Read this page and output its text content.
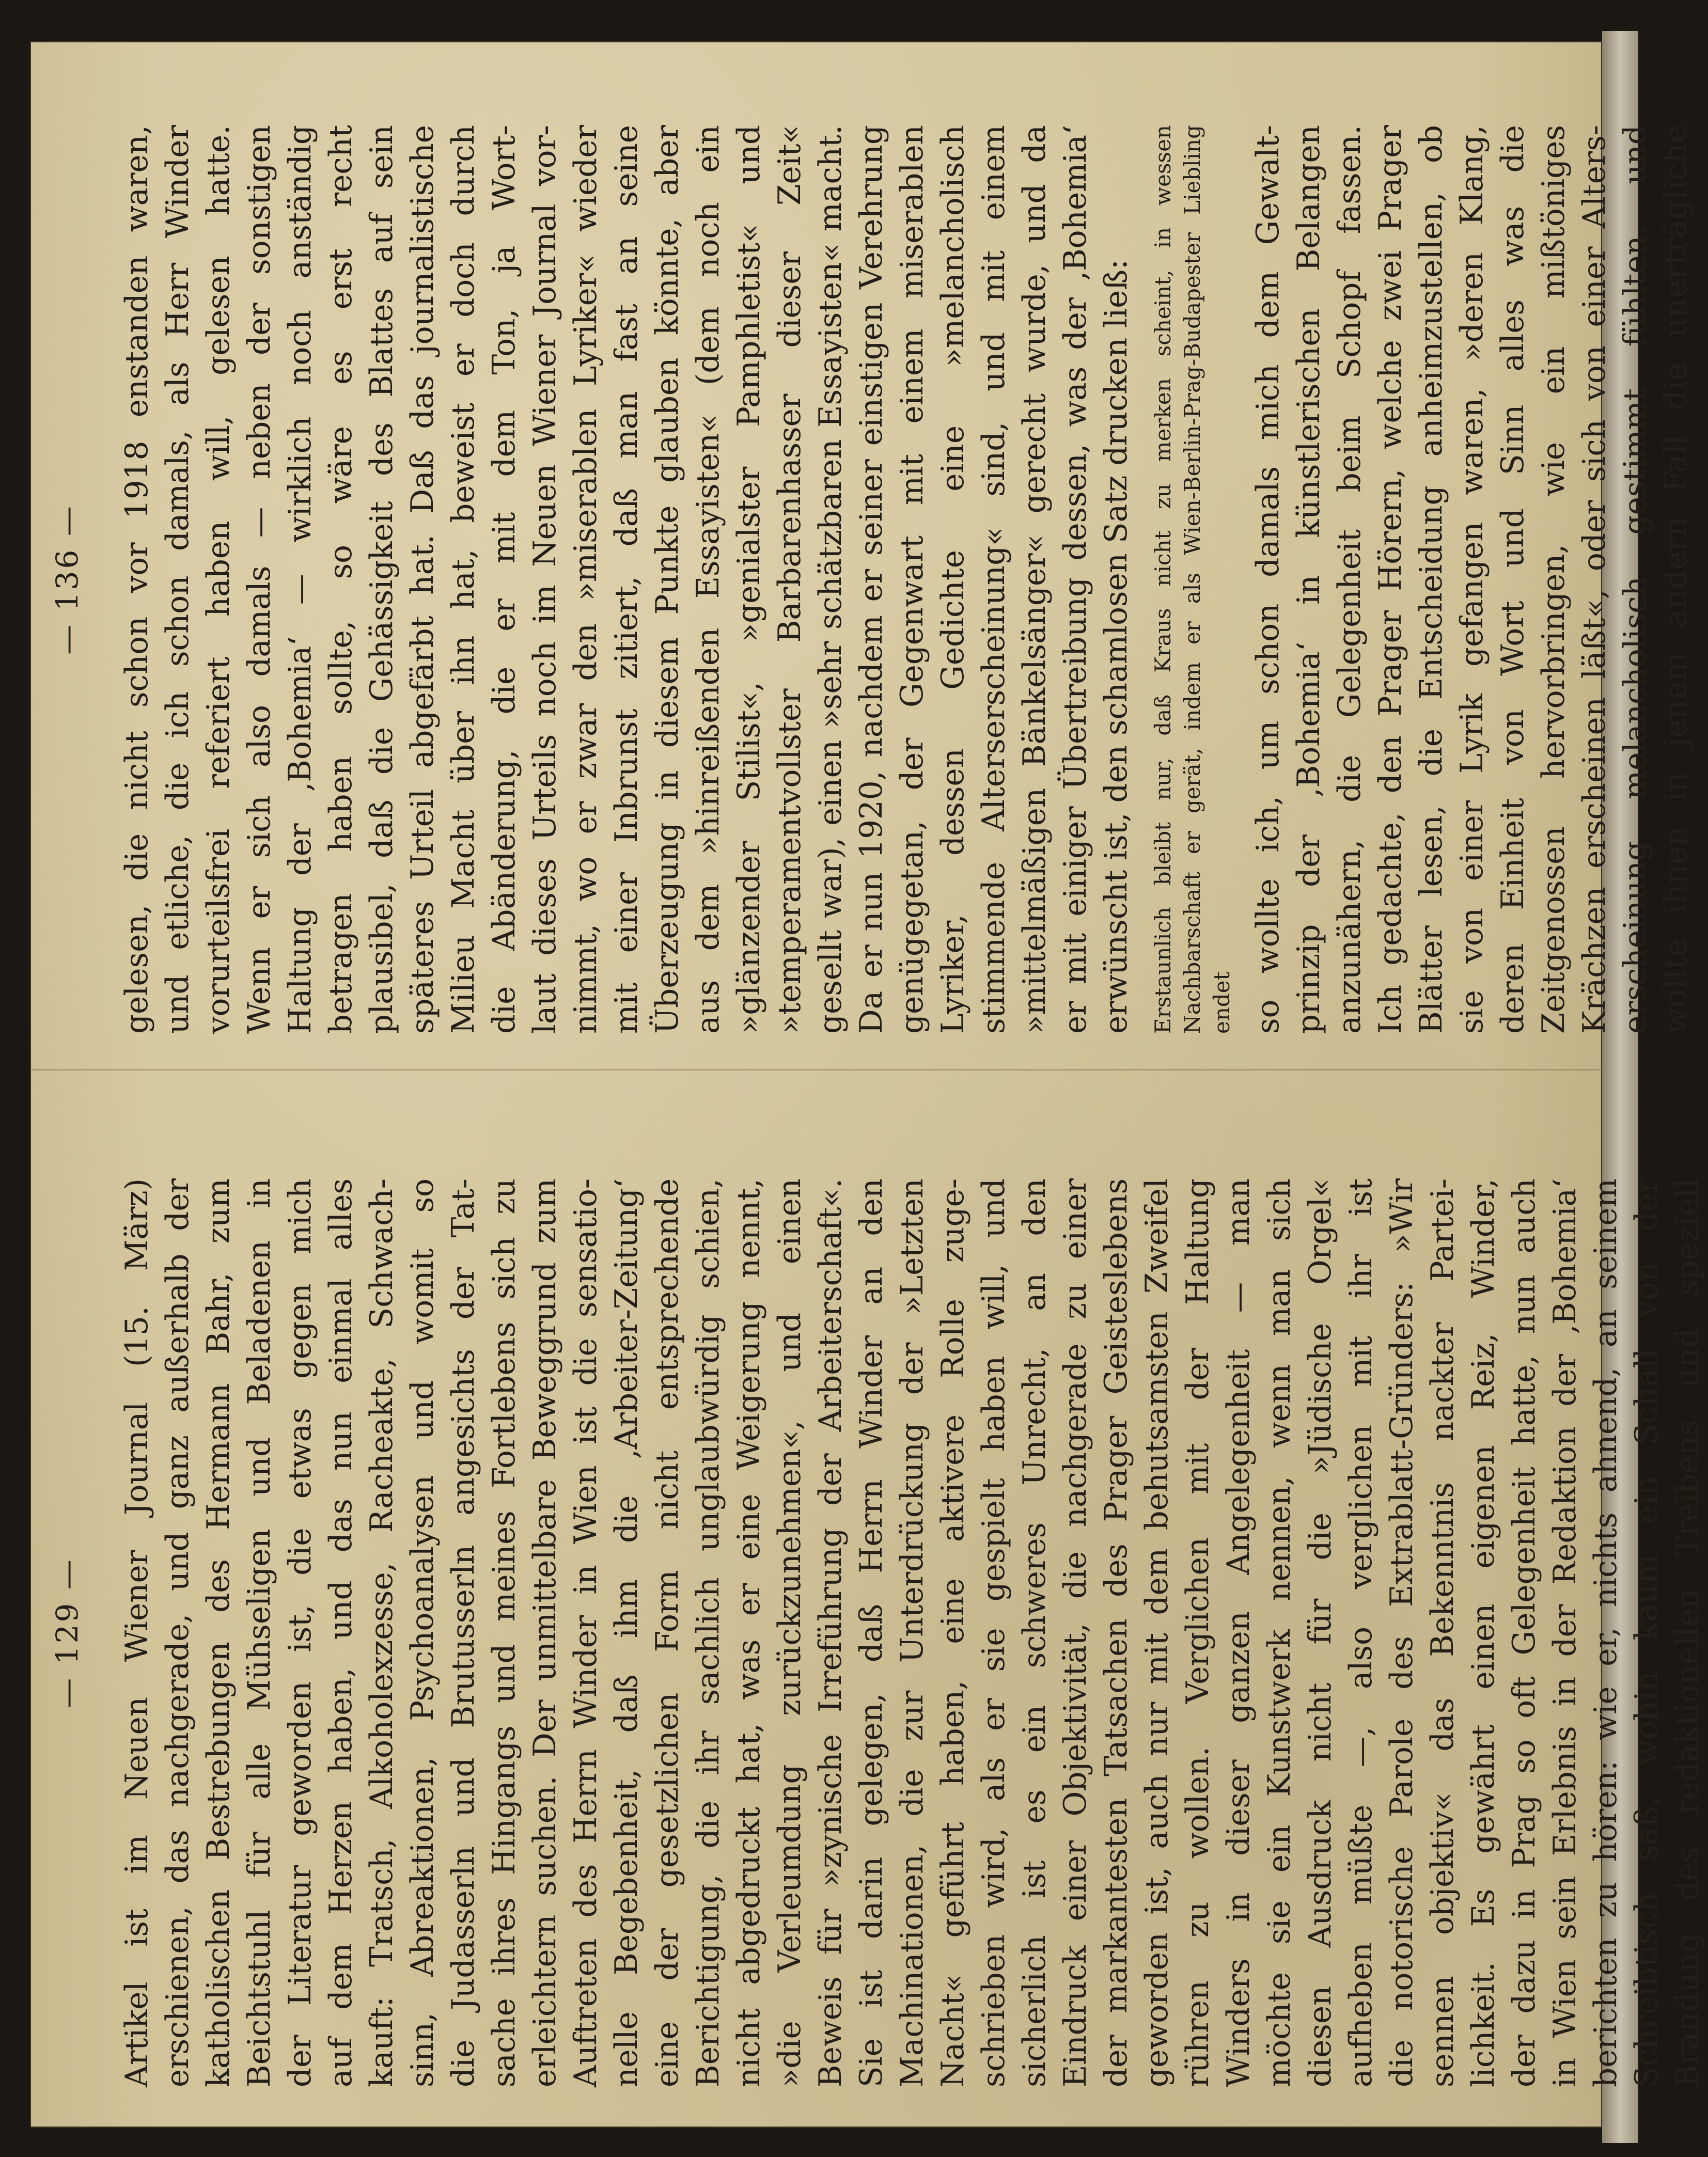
— 129 — Artikel ist im Neuen Wiener Journal (15. März) erschienen, das nachgerade, und ganz außerhalb der katholischen Bestrebungen des Hermann Bahr, zum Beichtstuhl für alle Mühseligen und Beladenen in der Literatur geworden ist, die etwas gegen mich auf dem Herzen haben, und das nun einmal alles kauft: Tratsch, Alkoholexzesse, Racheakte, Schwach- sinn, Abreaktionen, Psychoanalysen und womit so die Judasserln und Brutusserln angesichts der Tat- sache ihres Hingangs und meines Fortlebens sich zu erleichtern suchen. Der unmittelbare Beweggrund zum Auftreten des Herrn Winder in Wien ist die sensatio- nelle Begebenheit, daß ihm die ‚Arbeiter-Zeitung‘ eine der gesetzlichen Form nicht entsprechende Berichtigung, die ihr sachlich unglaubwürdig schien, nicht abgedruckt hat, was er eine Weigerung nennt, »die Verleumdung zurückzunehmen«, und einen Beweis für »zynische Irreführung der Arbeiterschaft«. Sie ist darin gelegen, daß Herrn Winder an den Machinationen, die zur Unterdrückung der »Letzten Nacht« geführt haben, eine aktivere Rolle zuge- schrieben wird, als er sie gespielt haben will, und sicherlich ist es ein schweres Unrecht, an den Eindruck einer Objektivität, die nachgerade zu einer der markantesten Tatsachen des Prager Geisteslebens geworden ist, auch nur mit dem behutsamsten Zweifel rühren zu wollen. Verglichen mit der Haltung Winders in dieser ganzen Angelegenheit — man möchte sie ein Kunstwerk nennen, wenn man sich diesen Ausdruck nicht für die »Jüdische Orgel« aufheben müßte —, also verglichen mit ihr ist die notorische Parole des Extrablatt-Gründers: »Wir sennen objektiv« das Bekenntnis nackter Partei- lichkeit. Es gewährt einen eigenen Reiz, Winder, der dazu in Prag so oft Gelegenheit hatte, nun auch in Wien sein Erlebnis in der Redaktion der ‚Bohemia‘ berichten zu hören: wie er, nichts ahnend, an seinem Schreibtisch saß, wohin kaum ein Schall von der Brandung des redaktionellen Treibens und speziell
— 136 — gelesen, die nicht schon vor 1918 enstanden waren, und etliche, die ich schon damals, als Herr Winder vorurteilsfrei referiert haben will, gelesen hatte. Wenn er sich also damals — neben der sonstigen Haltung der ‚Bohemia‘ — wirklich noch anständig betragen haben sollte, so wäre es erst recht plausibel, daß die Gehässigkeit des Blattes auf sein späteres Urteil abgefärbt hat. Daß das journalistische Milieu Macht über ihn hat, beweist er doch durch die Abänderung, die er mit dem Ton, ja Wort- laut dieses Urteils noch im Neuen Wiener Journal vor- nimmt, wo er zwar den »miserablen Lyriker« wieder mit einer Inbrunst zitiert, daß man fast an seine Überzeugung in diesem Punkte glauben könnte, aber aus dem »hinreißenden Essayisten« (dem noch ein »glänzender Stilist«, »genialster Pamphletist« und »temperamentvollster Barbarenhasser dieser Zeit« gesellt war), einen »sehr schätzbaren Essayisten« macht. Da er nun 1920, nachdem er seiner einstigen Verehrung genügegetan, der Gegenwart mit einem miserablen Lyriker, dessen Gedichte eine »melancholisch stimmende Alterserscheinung« sind, und mit einem »mittelmäßigen Bänkelsänger« gerecht wurde, und da er mit einiger Übertreibung dessen, was der ‚Bohemia‘ erwünscht ist, den schamlosen Satz drucken ließ: Erstaunlich bleibt nur, daß Kraus nicht zu merken scheint, in wessen Nachbarschaft er gerät, indem er als Wien-Berlin-Prag-Budapester Liebling endet so wollte ich, um schon damals mich dem Gewalt- prinzip der ‚Bohemia‘ in künstlerischen Belangen anzunähern, die Gelegenheit beim Schopf fassen. Ich gedachte, den Prager Hörern, welche zwei Prager Blätter lesen, die Entscheidung anheimzustellen, ob sie von einer Lyrik gefangen waren, »deren Klang, deren Einheit von Wort und Sinn alles was die Zeitgenossen hervorbringen, wie ein mißtöniges Krächzen erscheinen läßt«, oder sich von einer Alters- erscheinung melancholisch gestimmt fühlten, und wollte ihnen in jenem andern Fall die unerträgliche
